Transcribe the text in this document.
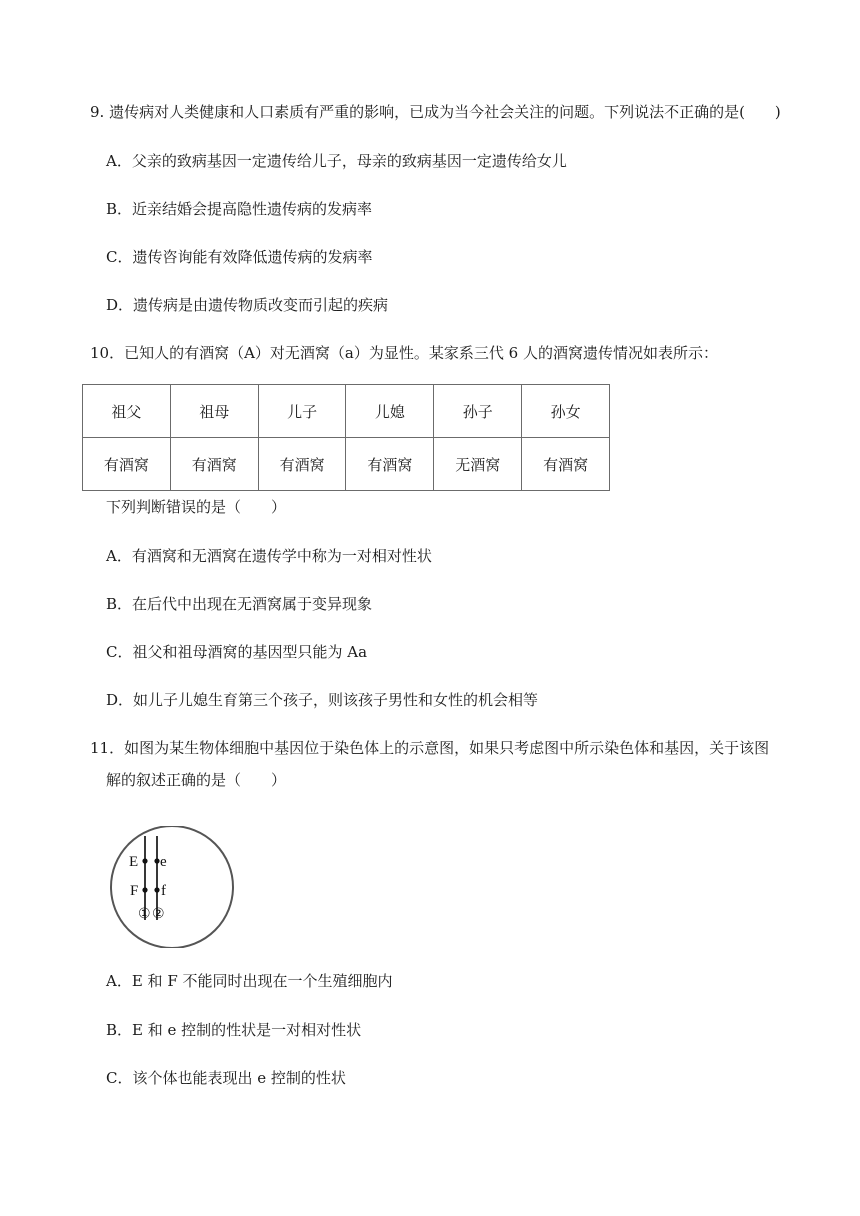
9. 遗传病对人类健康和人口素质有严重的影响，已成为当今社会关注的问题。下列说法不正确的是(　　)
A．父亲的致病基因一定遗传给儿子，母亲的致病基因一定遗传给女儿
B．近亲结婚会提高隐性遗传病的发病率
C．遗传咨询能有效降低遗传病的发病率
D．遗传病是由遗传物质改变而引起的疾病
10．已知人的有酒窝（A）对无酒窝（a）为显性。某家系三代 6 人的酒窝遗传情况如表所示：
祖父	祖母	儿子	儿媳	孙子	孙女
有酒窝	有酒窝	有酒窝	有酒窝	无酒窝	有酒窝
下列判断错误的是（　　）
A．有酒窝和无酒窝在遗传学中称为一对相对性状
B．在后代中出现在无酒窝属于变异现象
C．祖父和祖母酒窝的基因型只能为 Aa
D．如儿子儿媳生育第三个孩子，则该孩子男性和女性的机会相等
11．如图为某生物体细胞中基因位于染色体上的示意图，如果只考虑图中所示染色体和基因，关于该图
解的叙述正确的是（　　）
E e
F f
① ②
A．E 和 F 不能同时出现在一个生殖细胞内
B．E 和 e 控制的性状是一对相对性状
C．该个体也能表现出 e 控制的性状
